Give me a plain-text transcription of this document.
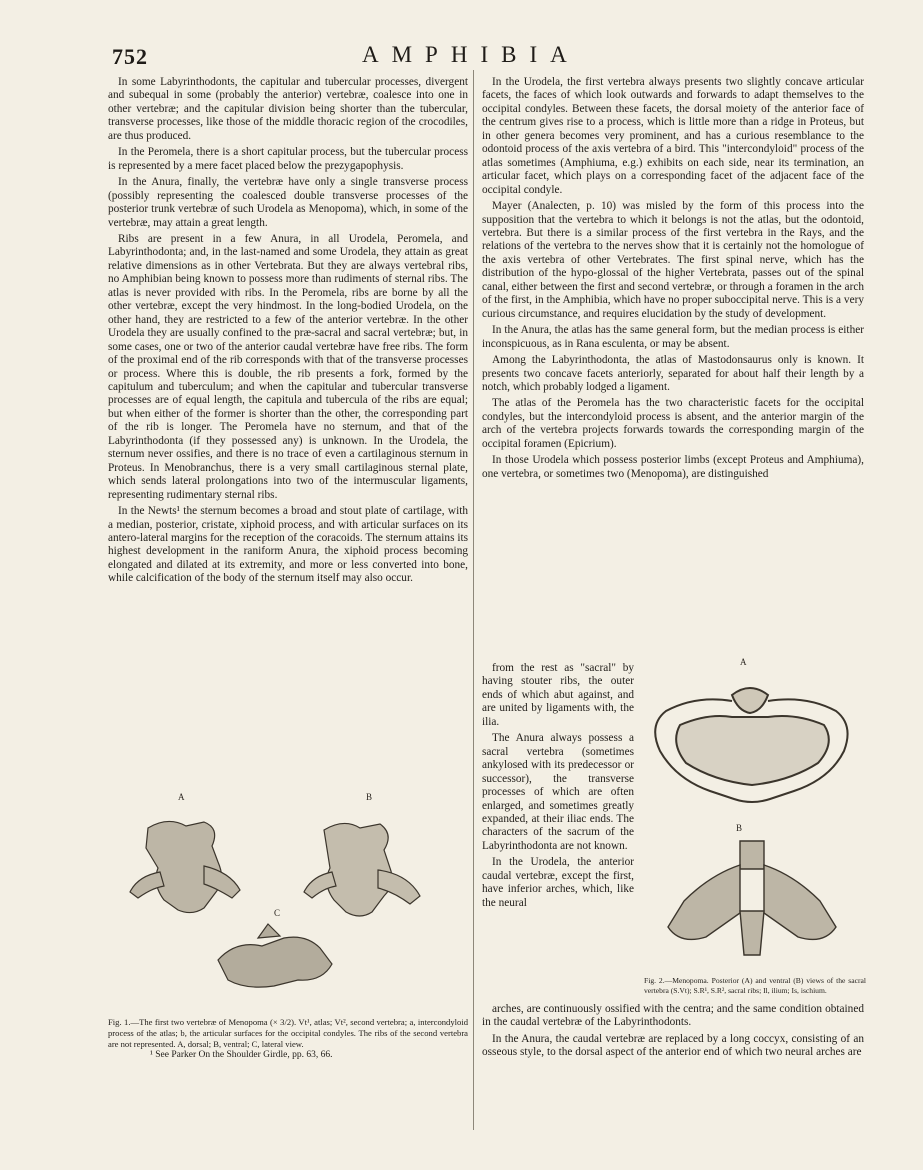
752	AMPHIBIA

In some Labyrinthodonts, the capitular and tubercular processes, divergent and subequal in some (probably the anterior) vertebræ, coalesce into one in other vertebræ; and the capitular division being shorter than the tubercular, transverse processes, like those of the middle thoracic region of the crocodiles, are thus produced.

In the Peromela, there is a short capitular process, but the tubercular process is represented by a mere facet placed below the prezygapophysis.

In the Anura, finally, the vertebræ have only a single transverse process (possibly representing the coalesced double transverse processes of the posterior trunk vertebræ of such Urodela as Menopoma), which, in some of the vertebræ, may attain a great length.

Ribs are present in a few Anura, in all Urodela, Peromela, and Labyrinthodonta; and, in the last-named and some Urodela, they attain as great relative dimensions as in other Vertebrata. But they are always vertebral ribs, no Amphibian being known to possess more than rudiments of sternal ribs. The atlas is never provided with ribs. In the Peromela, ribs are borne by all the other vertebræ, except the very hindmost. In the long-bodied Urodela, on the other hand, they are restricted to a few of the anterior vertebræ. In the other Urodela they are usually confined to the præ-sacral and sacral vertebræ; but, in some cases, one or two of the anterior caudal vertebræ have free ribs. The form of the proximal end of the rib corresponds with that of the transverse processes or process. Where this is double, the rib presents a fork, formed by the capitulum and tuberculum; and when the capitular and tubercular transverse processes are of equal length, the capitula and tubercula of the ribs are equal; but when either of the former is shorter than the other, the corresponding part of the rib is longer. The Peromela have no sternum, and that of the Labyrinthodonta (if they possessed any) is unknown. In the Urodela, the sternum never ossifies, and there is no trace of even a cartilaginous sternum in Proteus. In Menobranchus, there is a very small cartilaginous sternal plate, which sends lateral prolongations into two of the intermuscular ligaments, representing rudimentary sternal ribs.

In the Newts¹ the sternum becomes a broad and stout plate of cartilage, with a median, posterior, cristate, xiphoid process, and with articular surfaces on its antero-lateral margins for the reception of the coracoids. The sternum attains its highest development in the raniform Anura, the xiphoid process becoming elongated and dilated at its extremity, and more or less converted into bone, while calcification of the body of the sternum itself may also occur.

A	B
C
Fig. 1.—The first two vertebræ of Menopoma (× 3/2). Vt¹, atlas; Vt², second vertebra; a, intercondyloid process of the atlas; b, the articular surfaces for the occipital condyles. The ribs of the second vertebra are not represented. A, dorsal; B, ventral; C, lateral view.
¹ See Parker On the Shoulder Girdle, pp. 63, 66.

In the Urodela, the first vertebra always presents two slightly concave articular facets, the faces of which look outwards and forwards to adapt themselves to the occipital condyles. Between these facets, the dorsal moiety of the anterior face of the centrum gives rise to a process, which is little more than a ridge in Proteus, but in other genera becomes very prominent, and has a curious resemblance to the odontoid process of the axis vertebra of a bird. This "intercondyloid" process of the atlas sometimes (Amphiuma, e.g.) exhibits on each side, near its termination, an articular facet, which plays on a corresponding facet of the adjacent face of the occipital condyle.

Mayer (Analecten, p. 10) was misled by the form of this process into the supposition that the vertebra to which it belongs is not the atlas, but the odontoid, vertebra. But there is a similar process of the first vertebra in the Rays, and the relations of the vertebra to the nerves show that it is certainly not the homologue of the axis vertebra of other Vertebrates. The first spinal nerve, which has the distribution of the hypo-glossal of the higher Vertebrata, passes out of the spinal canal, either between the first and second vertebræ, or through a foramen in the arch of the first, in the Amphibia, which have no proper suboccipital nerve. This is a very curious circumstance, and requires elucidation by the study of development.

In the Anura, the atlas has the same general form, but the median process is either inconspicuous, as in Rana esculenta, or may be absent.

Among the Labyrinthodonta, the atlas of Mastodonsaurus only is known. It presents two concave facets anteriorly, separated for about half their length by a notch, which probably lodged a ligament.

The atlas of the Peromela has the two characteristic facets for the occipital condyles, but the intercondyloid process is absent, and the anterior margin of the arch of the vertebra projects forwards towards the corresponding margin of the occipital foramen (Epicrium).

In those Urodela which possess posterior limbs (except Proteus and Amphiuma), one vertebra, or sometimes two (Menopoma), are distinguished

from the rest as "sacral" by having stouter ribs, the outer ends of which abut against, and are united by ligaments with, the ilia.

The Anura always possess a sacral vertebra (sometimes ankylosed with its predecessor or successor), the transverse processes of which are often enlarged, and sometimes greatly expanded, at their iliac ends. The characters of the sacrum of the Labyrinthodonta are not known.

In the Urodela, the anterior caudal vertebræ, except the first, have inferior arches, which, like the neural

A
B
Fig. 2.—Menopoma. Posterior (A) and ventral (B) views of the sacral vertebra (S.Vt); S.R¹, S.R², sacral ribs; Il, ilium; Is, ischium.

arches, are continuously ossified with the centra; and the same condition obtained in the caudal vertebræ of the Labyrinthodonts.

In the Anura, the caudal vertebræ are replaced by a long coccyx, consisting of an osseous style, to the dorsal aspect of the anterior end of which two neural arches are
